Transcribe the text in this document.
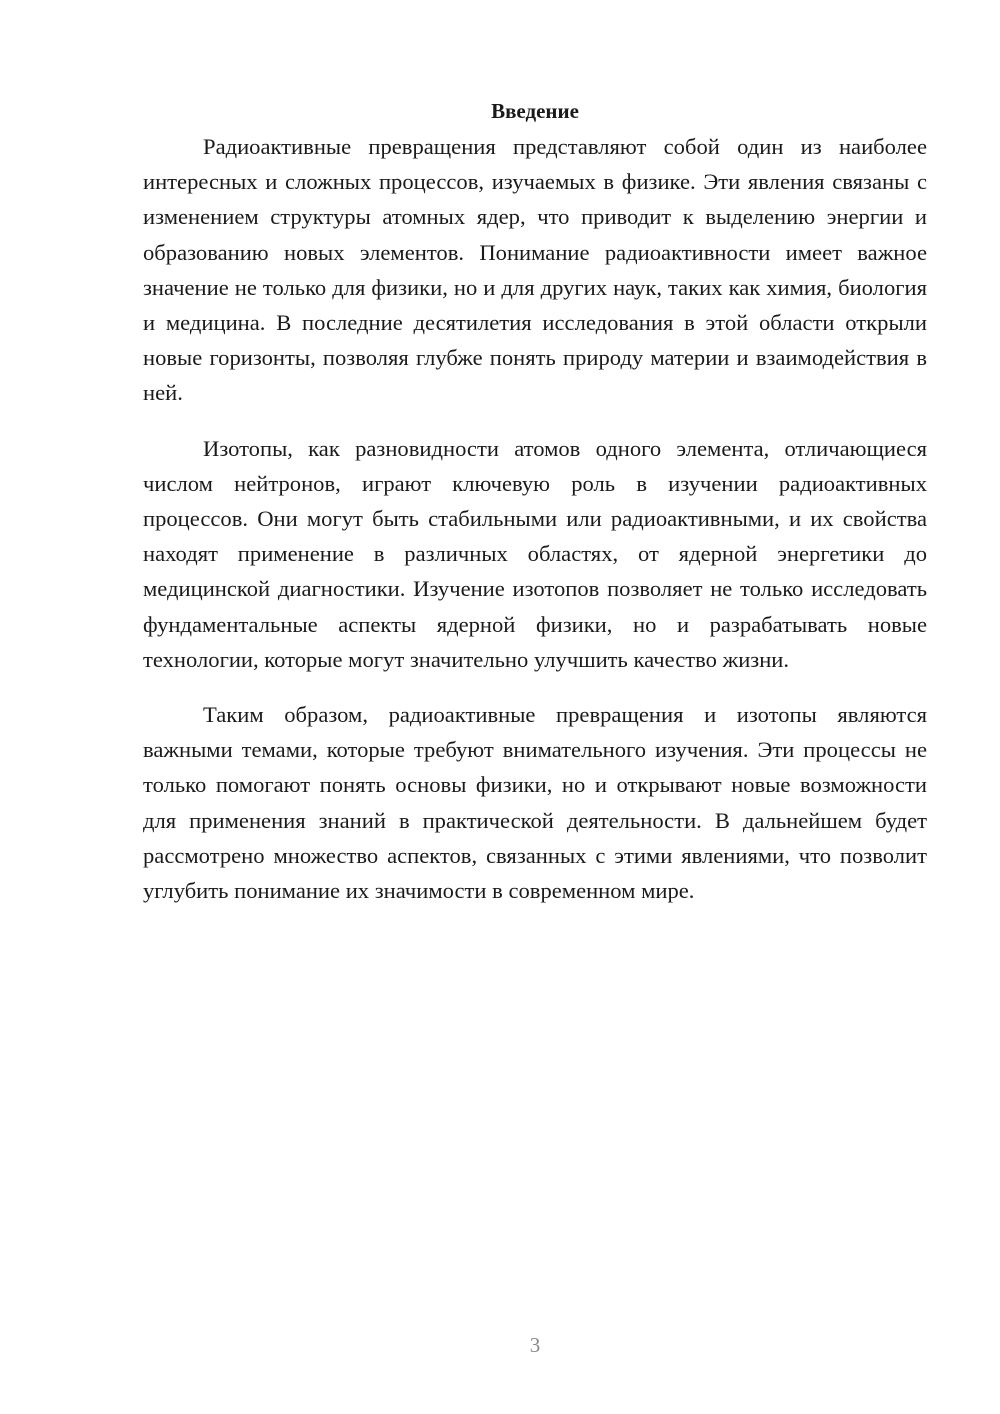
Введение

Радиоактивные превращения представляют собой один из наиболее интересных и сложных процессов, изучаемых в физике. Эти явления связаны с изменением структуры атомных ядер, что приводит к выделению энергии и образованию новых элементов. Понимание радиоактивности имеет важное значение не только для физики, но и для других наук, таких как химия, биология и медицина. В последние десятилетия исследования в этой области открыли новые горизонты, позволяя глубже понять природу материи и взаимодействия в ней.

Изотопы, как разновидности атомов одного элемента, отличающиеся числом нейтронов, играют ключевую роль в изучении радиоактивных процессов. Они могут быть стабильными или радиоактивными, и их свойства находят применение в различных областях, от ядерной энергетики до медицинской диагностики. Изучение изотопов позволяет не только исследовать фундаментальные аспекты ядерной физики, но и разрабатывать новые технологии, которые могут значительно улучшить качество жизни.

Таким образом, радиоактивные превращения и изотопы являются важными темами, которые требуют внимательного изучения. Эти процессы не только помогают понять основы физики, но и открывают новые возможности для применения знаний в практической деятельности. В дальнейшем будет рассмотрено множество аспектов, связанных с этими явлениями, что позволит углубить понимание их значимости в современном мире.

3
